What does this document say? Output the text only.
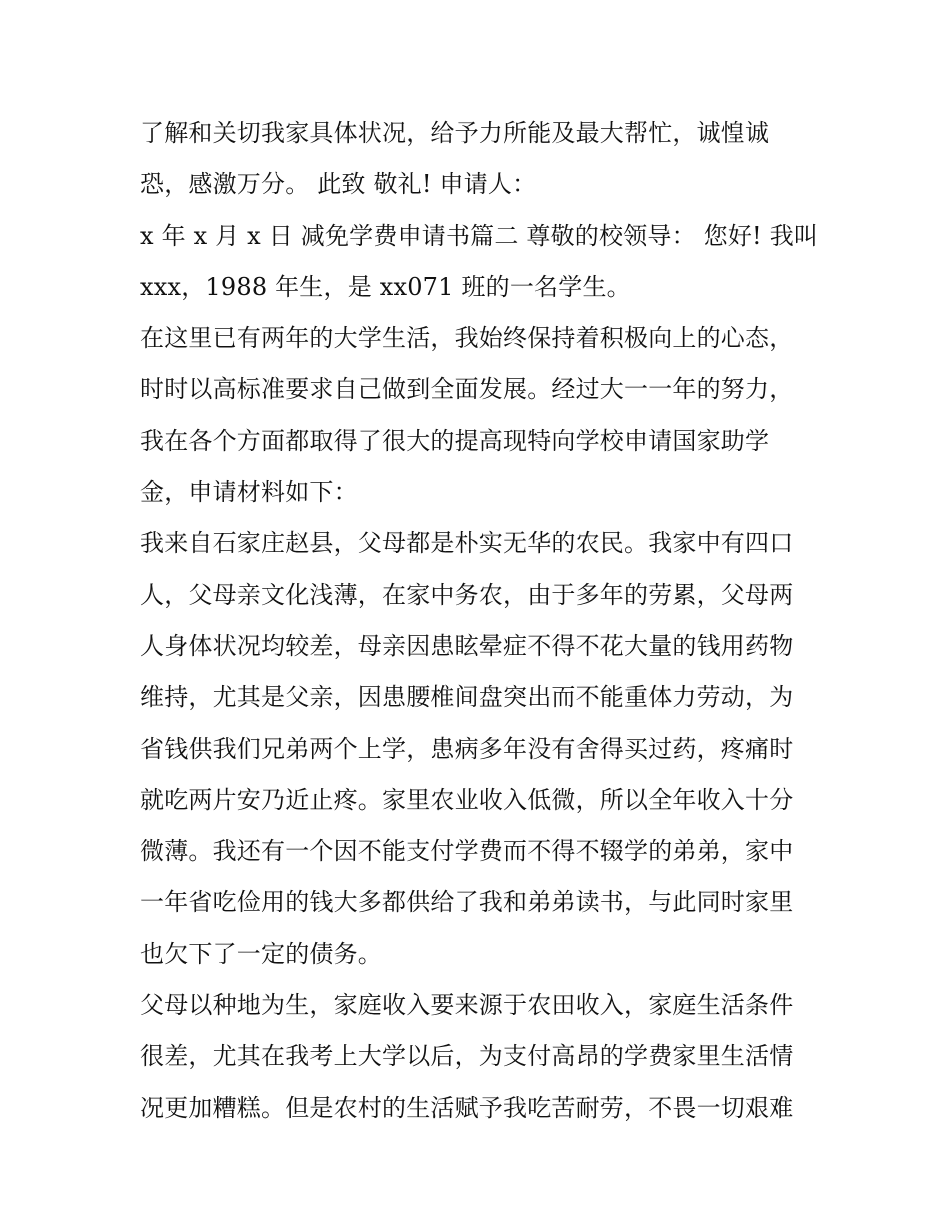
了解和关切我家具体状况，给予力所能及最大帮忙，诚惶诚
恐，感激万分。 此致 敬礼! 申请人：
x 年 x 月 x 日 减免学费申请书篇二 尊敬的校领导： 您好! 我叫
xxx，1988 年生，是 xx071 班的一名学生。
在这里已有两年的大学生活，我始终保持着积极向上的心态，
时时以高标准要求自己做到全面发展。经过大一一年的努力，
我在各个方面都取得了很大的提高现特向学校申请国家助学
金，申请材料如下：
我来自石家庄赵县，父母都是朴实无华的农民。我家中有四口
人，父母亲文化浅薄，在家中务农，由于多年的劳累，父母两
人身体状况均较差，母亲因患眩晕症不得不花大量的钱用药物
维持，尤其是父亲，因患腰椎间盘突出而不能重体力劳动，为
省钱供我们兄弟两个上学，患病多年没有舍得买过药，疼痛时
就吃两片安乃近止疼。家里农业收入低微，所以全年收入十分
微薄。我还有一个因不能支付学费而不得不辍学的弟弟，家中
一年省吃俭用的钱大多都供给了我和弟弟读书，与此同时家里
也欠下了一定的债务。
父母以种地为生，家庭收入要来源于农田收入，家庭生活条件
很差，尤其在我考上大学以后，为支付高昂的学费家里生活情
况更加糟糕。但是农村的生活赋予我吃苦耐劳，不畏一切艰难
